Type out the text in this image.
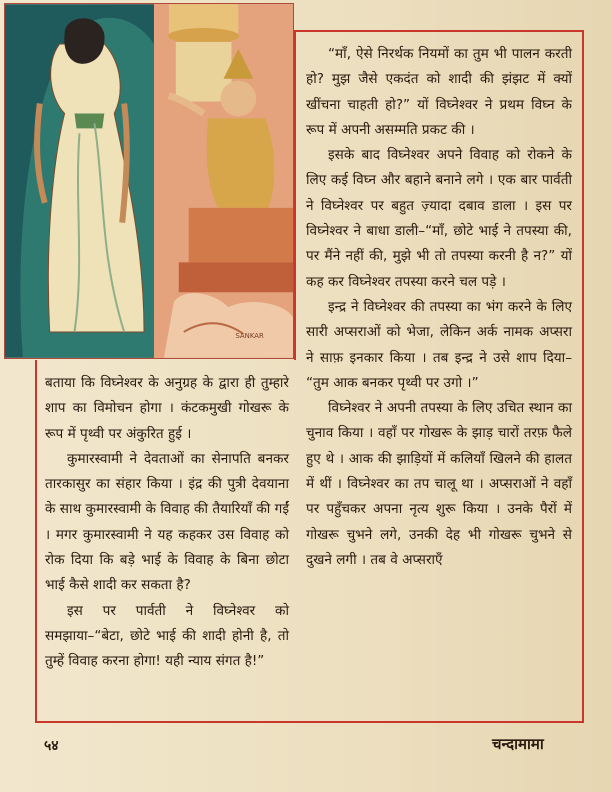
SANKAR

“माँ, ऐसे निरर्थक नियमों का तुम भी पालन करती हो? मुझ जैसे एकदंत को शादी की झंझट में क्यों खींचना चाहती हो?” यों विघ्नेश्वर ने प्रथम विघ्न के रूप में अपनी असम्मति प्रकट की ।

इसके बाद विघ्नेश्वर अपने विवाह को रोकने के लिए कई विघ्न और बहाने बनाने लगे । एक बार पार्वती ने विघ्नेश्वर पर बहुत ज़्यादा दबाव डाला । इस पर विघ्नेश्वर ने बाधा डाली–“माँ, छोटे भाई ने तपस्या की, पर मैंने नहीं की, मुझे भी तो तपस्या करनी है न?” यों कह कर विघ्नेश्वर तपस्या करने चल पड़े ।

इन्द्र ने विघ्नेश्वर की तपस्या का भंग करने के लिए सारी अप्सराओं को भेजा, लेकिन अर्क नामक अप्सरा ने साफ़ इनकार किया । तब इन्द्र ने उसे शाप दिया– “तुम आक बनकर पृथ्वी पर उगो ।”

विघ्नेश्वर ने अपनी तपस्या के लिए उचित स्थान का चुनाव किया । वहाँ पर गोखरू के झाड़ चारों तरफ़ फैले हुए थे । आक की झाड़ियों में कलियाँ खिलने की हालत में थीं । विघ्नेश्वर का तप चालू था । अप्सराओं ने वहाँ पर पहुँचकर अपना नृत्य शुरू किया । उनके पैरों में गोखरू चुभने लगे, उनकी देह भी गोखरू चुभने से दुखने लगी । तब वे अप्सराएँ

बताया कि विघ्नेश्वर के अनुग्रह के द्वारा ही तुम्हारे शाप का विमोचन होगा । कंटकमुखी गोखरू के रूप में पृथ्वी पर अंकुरित हुई ।

कुमारस्वामी ने देवताओं का सेनापति बनकर तारकासुर का संहार किया । इंद्र की पुत्री देवयाना के साथ कुमारस्वामी के विवाह की तैयारियाँ की गईं । मगर कुमारस्वामी ने यह कहकर उस विवाह को रोक दिया कि बड़े भाई के विवाह के बिना छोटा भाई कैसे शादी कर सकता है?

इस पर पार्वती ने विघ्नेश्वर को समझाया–“बेटा, छोटे भाई की शादी होनी है, तो तुम्हें विवाह करना होगा! यही न्याय संगत है!”

५४	चन्दामामा
